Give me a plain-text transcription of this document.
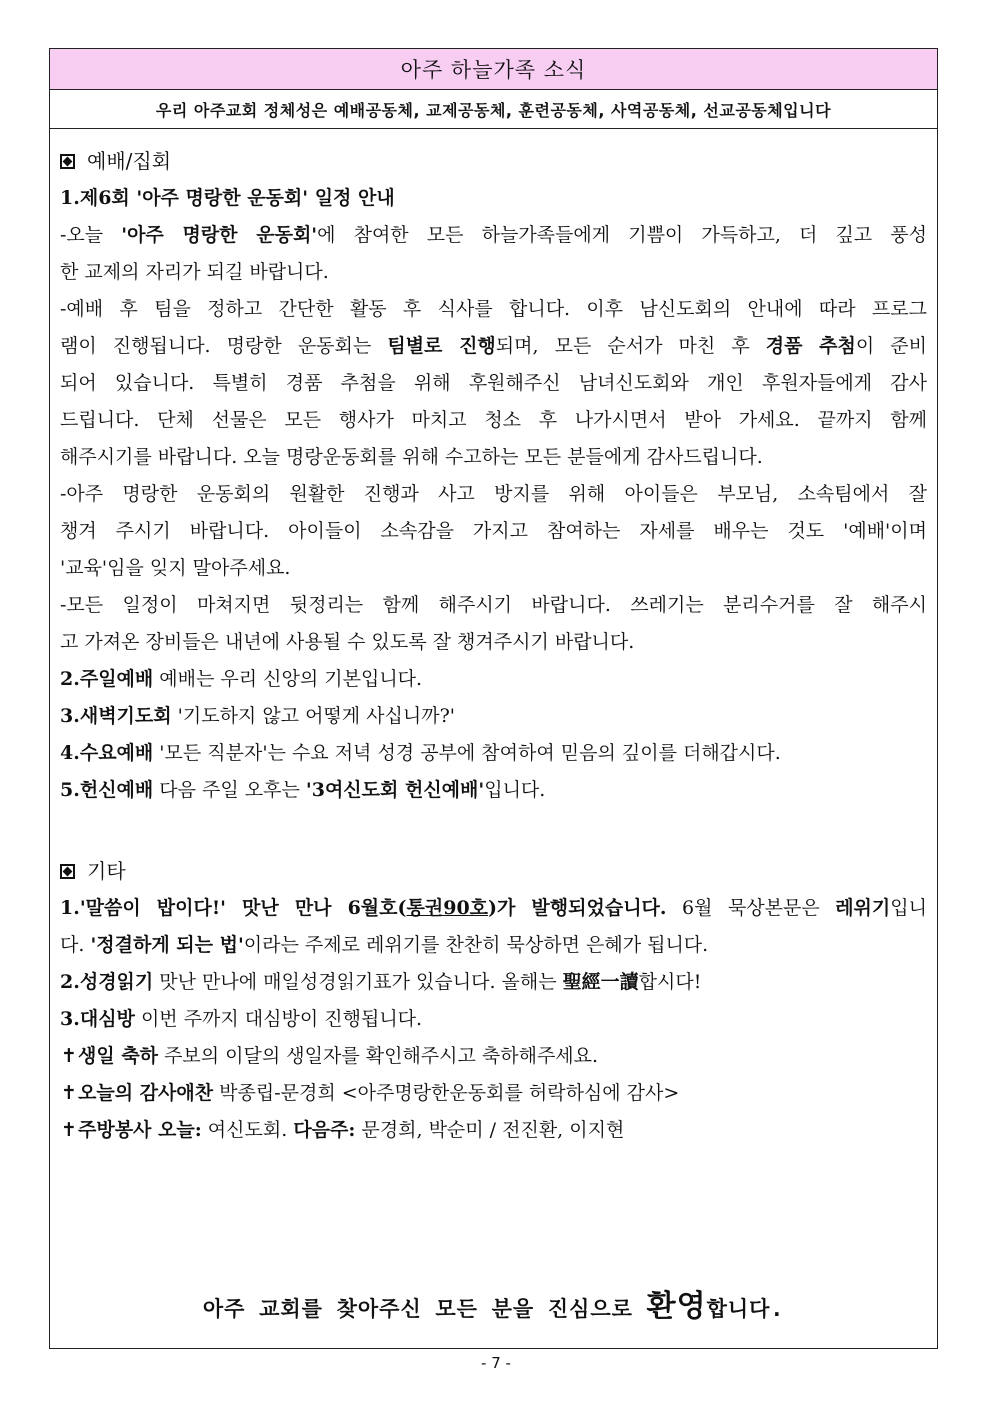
아주 하늘가족 소식
우리 아주교회 정체성은 예배공동체, 교제공동체, 훈련공동체, 사역공동체, 선교공동체입니다
예배/집회
1.제6회 '아주 명랑한 운동회' 일정 안내
-오늘 '아주 명랑한 운동회'에 참여한 모든 하늘가족들에게 기쁨이 가득하고, 더 깊고 풍성
한 교제의 자리가 되길 바랍니다.
-예배 후 팀을 정하고 간단한 활동 후 식사를 합니다. 이후 남신도회의 안내에 따라 프로그
램이 진행됩니다. 명랑한 운동회는 팀별로 진행되며, 모든 순서가 마친 후 경품 추첨이 준비
되어 있습니다. 특별히 경품 추첨을 위해 후원해주신 남녀신도회와 개인 후원자들에게 감사
드립니다. 단체 선물은 모든 행사가 마치고 청소 후 나가시면서 받아 가세요. 끝까지 함께
해주시기를 바랍니다. 오늘 명랑운동회를 위해 수고하는 모든 분들에게 감사드립니다.
-아주 명랑한 운동회의 원활한 진행과 사고 방지를 위해 아이들은 부모님, 소속팀에서 잘
챙겨 주시기 바랍니다. 아이들이 소속감을 가지고 참여하는 자세를 배우는 것도 '예배'이며
'교육'임을 잊지 말아주세요.
-모든 일정이 마쳐지면 뒷정리는 함께 해주시기 바랍니다. 쓰레기는 분리수거를 잘 해주시
고 가져온 장비들은 내년에 사용될 수 있도록 잘 챙겨주시기 바랍니다.
2.주일예배 예배는 우리 신앙의 기본입니다.
3.새벽기도회 '기도하지 않고 어떻게 사십니까?'
4.수요예배 '모든 직분자'는 수요 저녁 성경 공부에 참여하여 믿음의 깊이를 더해갑시다.
5.헌신예배 다음 주일 오후는 '3여신도회 헌신예배'입니다.
기타
1.'말씀이 밥이다!' 맛난 만나 6월호(통권90호)가 발행되었습니다. 6월 묵상본문은 레위기입니
다. '정결하게 되는 법'이라는 주제로 레위기를 찬찬히 묵상하면 은혜가 됩니다.
2.성경읽기 맛난 만나에 매일성경읽기표가 있습니다. 올해는 聖經一讀합시다!
3.대심방 이번 주까지 대심방이 진행됩니다.
✝생일 축하 주보의 이달의 생일자를 확인해주시고 축하해주세요.
✝오늘의 감사애찬 박종립-문경희 <아주명랑한운동회를 허락하심에 감사>
✝주방봉사 오늘: 여신도회. 다음주: 문경희, 박순미 / 전진환, 이지현
아주 교회를 찾아주신 모든 분을 진심으로 환영합니다.
- 7 -
